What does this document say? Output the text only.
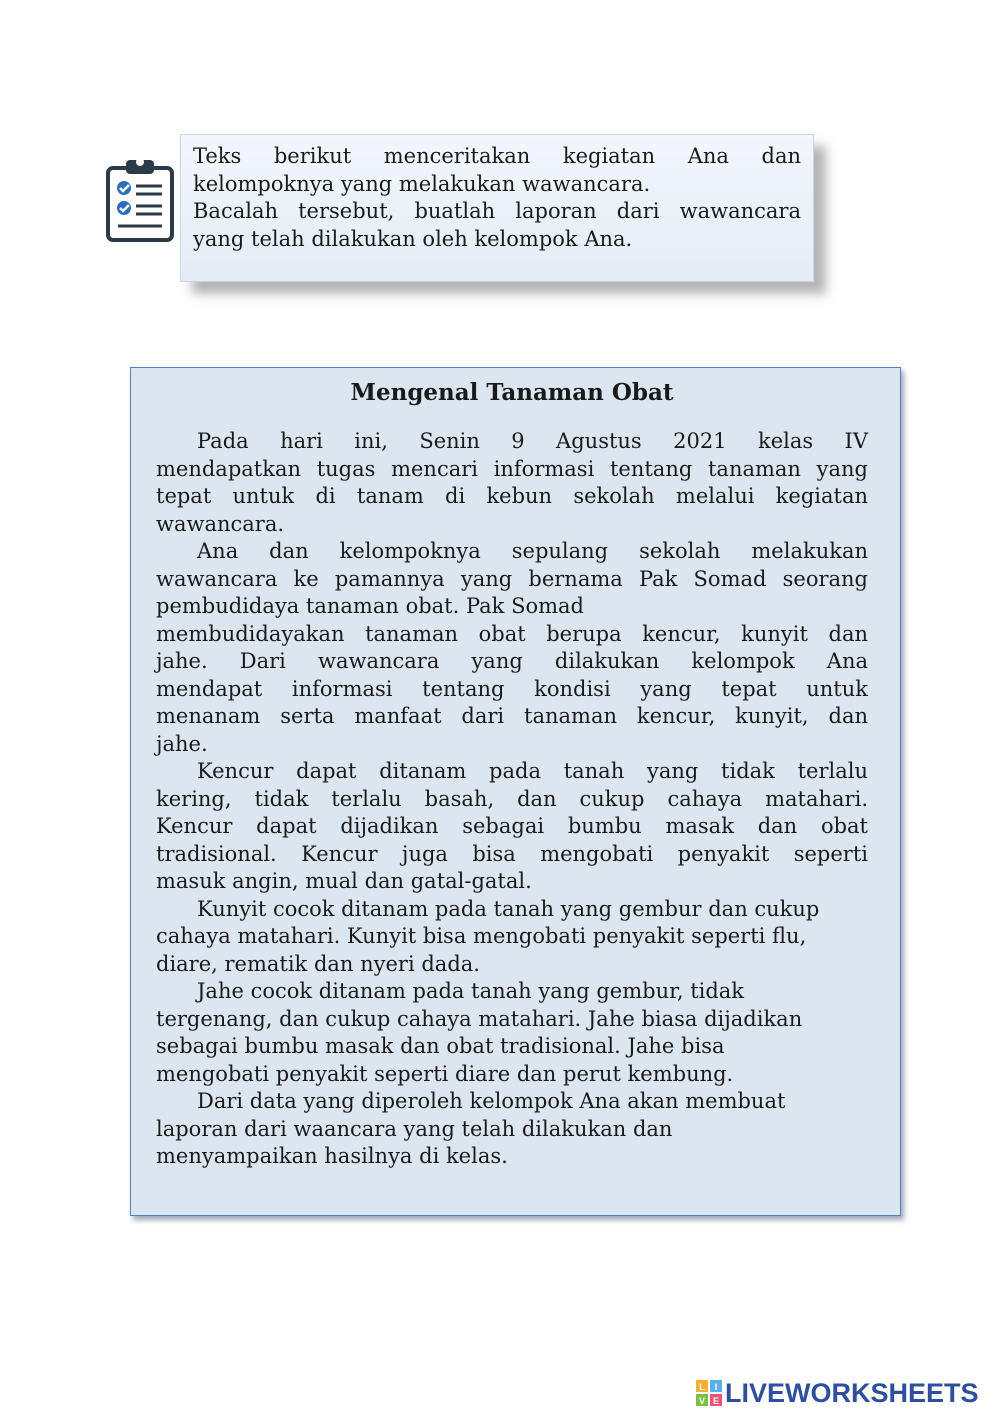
Teks berikut menceritakan kegiatan Ana dan
kelompoknya yang melakukan wawancara.
Bacalah tersebut, buatlah laporan dari wawancara
yang telah dilakukan oleh kelompok Ana.
Mengenal Tanaman Obat
Pada hari ini, Senin 9 Agustus 2021 kelas IV
mendapatkan tugas mencari informasi tentang tanaman yang
tepat untuk di tanam di kebun sekolah melalui kegiatan
wawancara.
Ana dan kelompoknya sepulang sekolah melakukan
wawancara ke pamannya yang bernama Pak Somad seorang
pembudidaya tanaman obat. Pak Somad
membudidayakan tanaman obat berupa kencur, kunyit dan
jahe. Dari wawancara yang dilakukan kelompok Ana
mendapat informasi tentang kondisi yang tepat untuk
menanam serta manfaat dari tanaman kencur, kunyit, dan
jahe.
Kencur dapat ditanam pada tanah yang tidak terlalu
kering, tidak terlalu basah, dan cukup cahaya matahari.
Kencur dapat dijadikan sebagai bumbu masak dan obat
tradisional. Kencur juga bisa mengobati penyakit seperti
masuk angin, mual dan gatal-gatal.
Kunyit cocok ditanam pada tanah yang gembur dan cukup
cahaya matahari. Kunyit bisa mengobati penyakit seperti flu,
diare, rematik dan nyeri dada.
Jahe cocok ditanam pada tanah yang gembur, tidak
tergenang, dan cukup cahaya matahari. Jahe biasa dijadikan
sebagai bumbu masak dan obat tradisional. Jahe bisa
mengobati penyakit seperti diare dan perut kembung.
Dari data yang diperoleh kelompok Ana akan membuat
laporan dari waancara yang telah dilakukan dan
menyampaikan hasilnya di kelas.
L I
V E LIVEWORKSHEETS
